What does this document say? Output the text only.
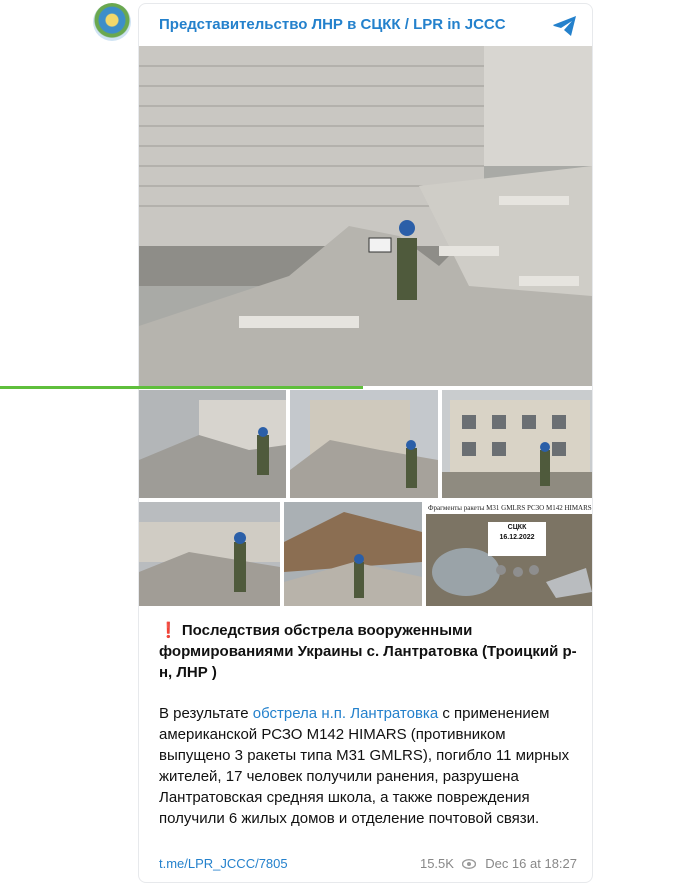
Представительство ЛНР в СЦКК / LPR in JCCC
Фрагменты ракеты М31 GMLRS РСЗО М142 HIMARS
СЦКК
16.12.2022

❗ Последствия обстрела вооруженными формированиями Украины с. Лантратовка (Троицкий р-н, ЛНР )

В результате обстрела н.п. Лантратовка с применением американской РСЗО М142 HIMARS (противником выпущено 3 ракеты типа М31 GMLRS), погибло 11 мирных жителей, 17 человек получили ранения, разрушена Лантратовская средняя школа, а также повреждения получили 6 жилых домов и отделение почтовой связи.

t.me/LPR_JCCC/7805	15.5K Dec 16 at 18:27
